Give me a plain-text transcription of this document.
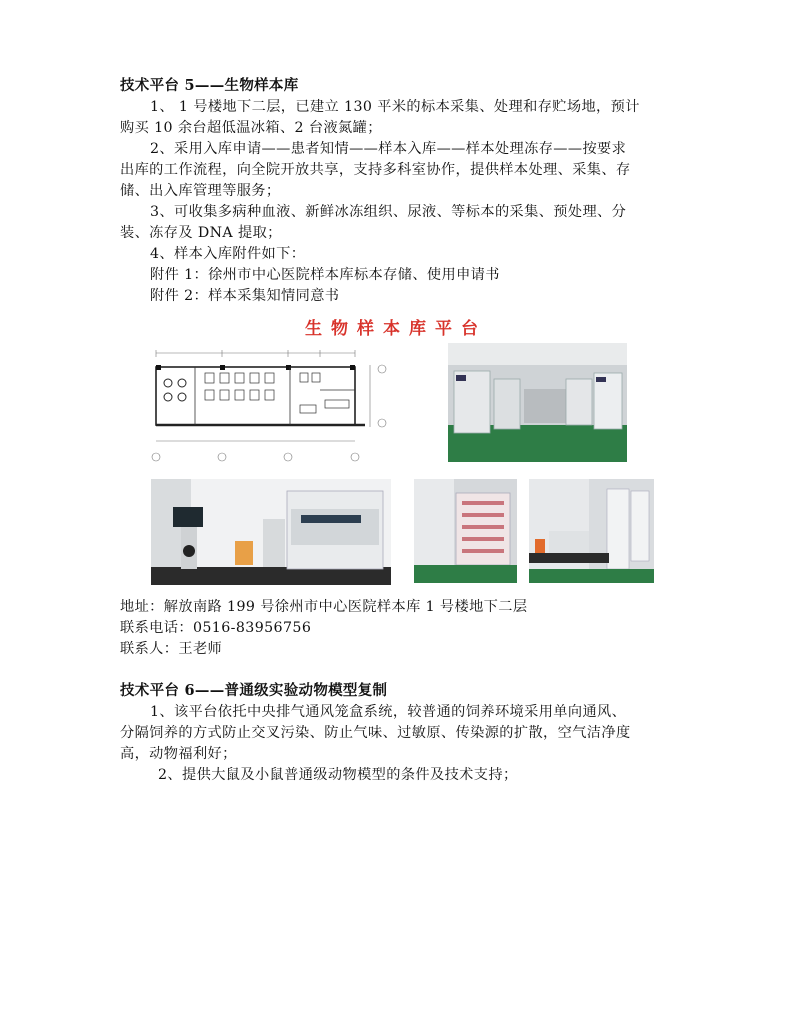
技术平台 5——生物样本库
1、 1 号楼地下二层，已建立 130 平米的标本采集、处理和存贮场地，预计
购买 10 余台超低温冰箱、2 台液氮罐；
2、采用入库申请——患者知情——样本入库——样本处理冻存——按要求
出库的工作流程，向全院开放共享，支持多科室协作，提供样本处理、采集、存
储、出入库管理等服务；
3、可收集多病种血液、新鲜冰冻组织、尿液、等标本的采集、预处理、分
装、冻存及 DNA 提取；
4、样本入库附件如下：
附件 1：徐州市中心医院样本库标本存储、使用申请书
附件 2：样本采集知情同意书
生物样本库平台
地址：解放南路 199 号徐州市中心医院样本库 1 号楼地下二层
联系电话：0516-83956756
联系人：王老师
技术平台 6——普通级实验动物模型复制
1、该平台依托中央排气通风笼盒系统，较普通的饲养环境采用单向通风、
分隔饲养的方式防止交叉污染、防止气味、过敏原、传染源的扩散，空气洁净度
高，动物福利好；
2、提供大鼠及小鼠普通级动物模型的条件及技术支持；
